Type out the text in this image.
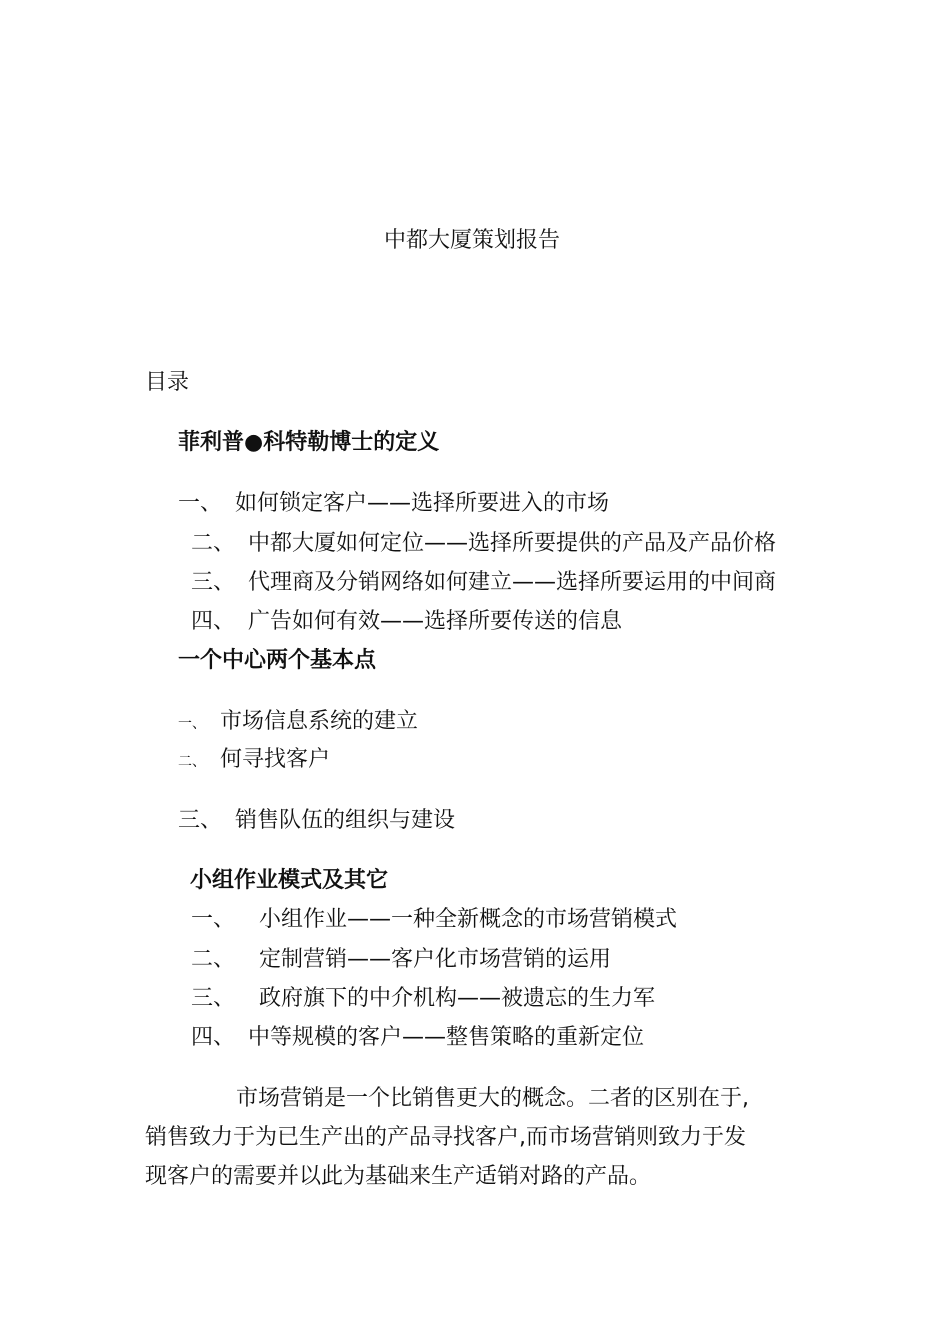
中都大厦策划报告
目录
菲利普●科特勒博士的定义
一、 如何锁定客户——选择所要进入的市场
二、 中都大厦如何定位——选择所要提供的产品及产品价格
三、 代理商及分销网络如何建立——选择所要运用的中间商
四、 广告如何有效——选择所要传送的信息
一个中心两个基本点
一、 市场信息系统的建立
二、 何寻找客户
三、 销售队伍的组织与建设
小组作业模式及其它
一、 小组作业——一种全新概念的市场营销模式
二、 定制营销——客户化市场营销的运用
三、 政府旗下的中介机构——被遗忘的生力军
四、 中等规模的客户——整售策略的重新定位
市场营销是一个比销售更大的概念。二者的区别在于,
销售致力于为已生产出的产品寻找客户,而市场营销则致力于发
现客户的需要并以此为基础来生产适销对路的产品。
